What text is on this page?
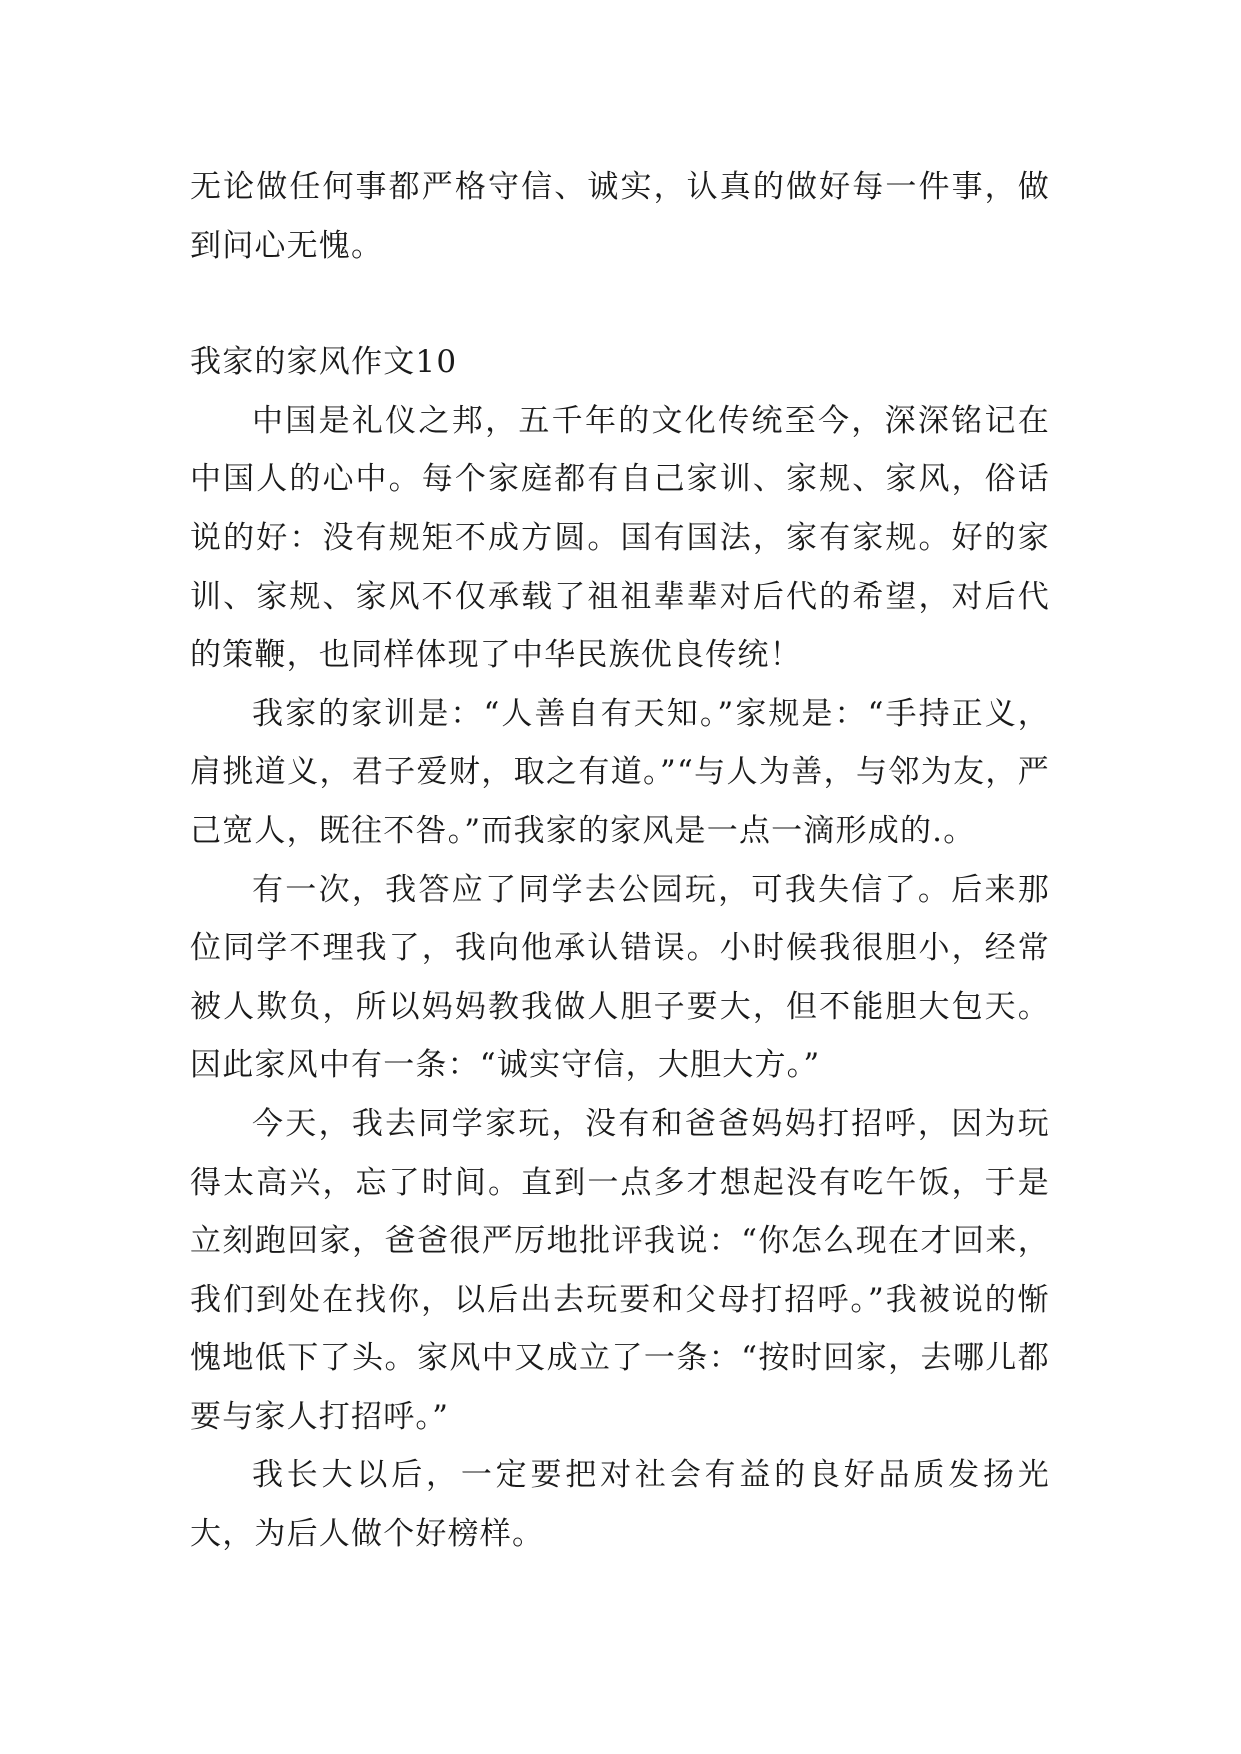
无论做任何事都严格守信、诚实，认真的做好每一件事，做到问心无愧。

我家的家风作文10

中国是礼仪之邦，五千年的文化传统至今，深深铭记在中国人的心中。每个家庭都有自己家训、家规、家风，俗话说的好：没有规矩不成方圆。国有国法，家有家规。好的家训、家规、家风不仅承载了祖祖辈辈对后代的希望，对后代的策鞭，也同样体现了中华民族优良传统！

我家的家训是：“人善自有天知。”家规是：“手持正义，肩挑道义，君子爱财，取之有道。”“与人为善，与邻为友，严己宽人，既往不咎。”而我家的家风是一点一滴形成的.。

有一次，我答应了同学去公园玩，可我失信了。后来那位同学不理我了，我向他承认错误。小时候我很胆小，经常被人欺负，所以妈妈教我做人胆子要大，但不能胆大包天。因此家风中有一条：“诚实守信，大胆大方。”

今天，我去同学家玩，没有和爸爸妈妈打招呼，因为玩得太高兴，忘了时间。直到一点多才想起没有吃午饭，于是立刻跑回家，爸爸很严厉地批评我说：“你怎么现在才回来，我们到处在找你，以后出去玩要和父母打招呼。”我被说的惭愧地低下了头。家风中又成立了一条：“按时回家，去哪儿都要与家人打招呼。”

我长大以后，一定要把对社会有益的良好品质发扬光大，为后人做个好榜样。
